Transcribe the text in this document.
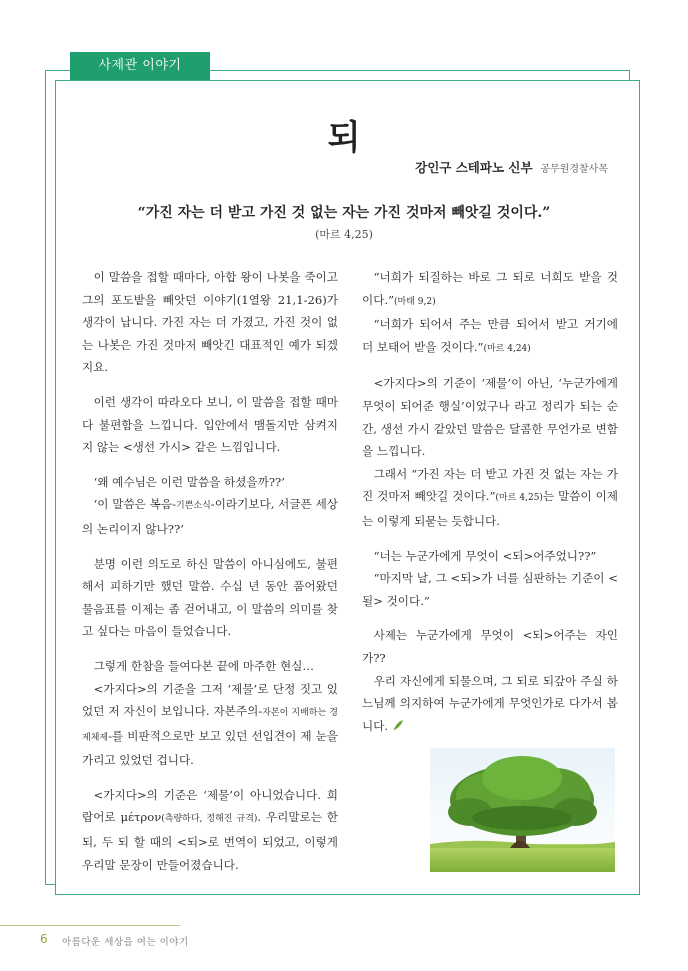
사제관 이야기
되
강인구 스테파노 신부 공무원경찰사목
“가진 자는 더 받고 가진 것 없는 자는 가진 것마저 빼앗길 것이다.”
(마르 4,25)

이 말씀을 접할 때마다, 아합 왕이 나봇을 죽이고 그의 포도밭을 빼앗던 이야기(1열왕 21,1-26)가 생각이 납니다. 가진 자는 더 가졌고, 가진 것이 없는 나봇은 가진 것마저 빼앗긴 대표적인 예가 되겠지요.

이런 생각이 따라오다 보니, 이 말씀을 접할 때마다 불편함을 느낍니다. 입안에서 맴돌지만 삼켜지지 않는 <생선 가시> 같은 느낌입니다.

‘왜 예수님은 이런 말씀을 하셨을까??’

‘이 말씀은 복음-기쁜소식-이라기보다, 서글픈 세상의 논리이지 않나??’

분명 이런 의도로 하신 말씀이 아니심에도, 불편해서 피하기만 했던 말씀. 수십 년 동안 품어왔던 물음표를 이제는 좀 걷어내고, 이 말씀의 의미를 찾고 싶다는 마음이 들었습니다.

그렇게 한참을 들여다본 끝에 마주한 현실…

<가지다>의 기준을 그저 ‘제물’로 단정 짓고 있었던 저 자신이 보입니다. 자본주의-자본이 지배하는 경제체제-를 비판적으로만 보고 있던 선입견이 제 눈을 가리고 있었던 겁니다.

<가지다>의 기준은 ‘제물’이 아니었습니다. 희랍어로 μέτρον(측량하다, 정해진 규격). 우리말로는 한 되, 두 되 할 때의 <되>로 번역이 되었고, 이렇게 우리말 문장이 만들어졌습니다.

“너희가 되질하는 바로 그 되로 너희도 받을 것이다.”(마태 9,2)

“너희가 되어서 주는 만큼 되어서 받고 거기에 더 보태어 받을 것이다.”(마르 4,24)

<가지다>의 기준이 ‘제물’이 아닌, ‘누군가에게 무엇이 되어준 행실’이었구나 라고 정리가 되는 순간, 생선 가시 같았던 말씀은 달콤한 무언가로 변함을 느낍니다.

그래서 “가진 자는 더 받고 가진 것 없는 자는 가진 것마저 빼앗길 것이다.”(마르 4,25)는 말씀이 이제는 이렇게 되묻는 듯합니다.

“너는 누군가에게 무엇이 <되>어주었니??”

“마지막 날, 그 <되>가 너를 심판하는 기준이 <될> 것이다.”

사제는 누군가에게 무엇이 <되>어주는 자인가??

우리 자신에게 되물으며, 그 되로 되갚아 주실 하느님께 의지하여 누군가에게 무엇인가로 다가서 봅니다.

6 아름다운 세상을 여는 이야기
